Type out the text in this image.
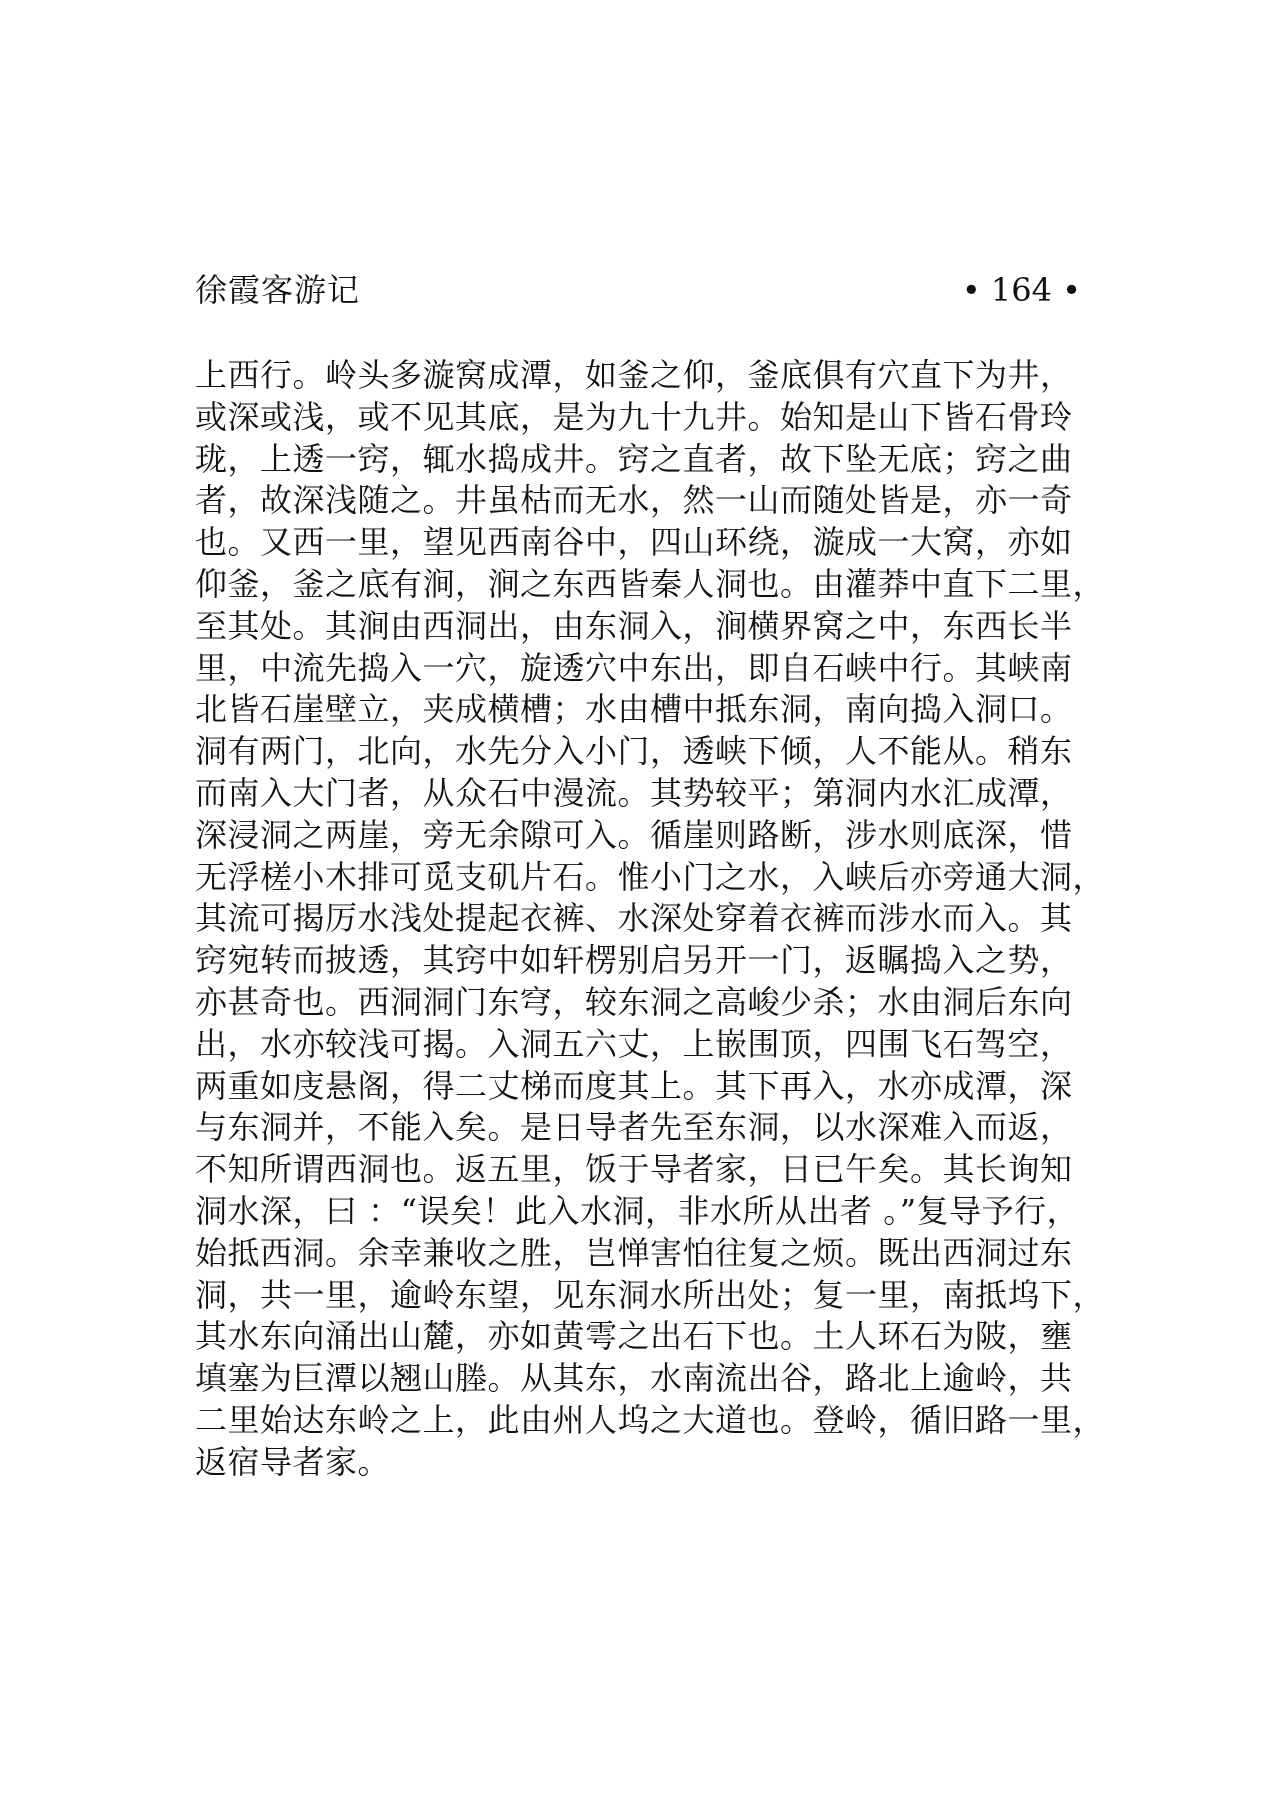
徐霞客游记	• 164 •
上西行。岭头多漩窝成潭，如釜之仰，釜底俱有穴直下为井，
或深或浅，或不见其底，是为九十九井。始知是山下皆石骨玲
珑，上透一窍，辄水捣成井。窍之直者，故下坠无底；窍之曲
者，故深浅随之。井虽枯而无水，然一山而随处皆是，亦一奇
也。又西一里，望见西南谷中，四山环绕，漩成一大窝，亦如
仰釜，釜之底有涧，涧之东西皆秦人洞也。由灌莽中直下二里，
至其处。其涧由西洞出，由东洞入，涧横界窝之中，东西长半
里，中流先捣入一穴，旋透穴中东出，即自石峡中行。其峡南
北皆石崖壁立，夹成横槽；水由槽中抵东洞，南向捣入洞口。
洞有两门，北向，水先分入小门，透峡下倾，人不能从。稍东
而南入大门者，从众石中漫流。其势较平；第洞内水汇成潭，
深浸洞之两崖，旁无余隙可入。循崖则路断，涉水则底深，惜
无浮槎小木排可觅支矶片石。惟小门之水，入峡后亦旁通大洞，
其流可揭厉水浅处提起衣裤、水深处穿着衣裤而涉水而入。其
窍宛转而披透，其窍中如轩楞别启另开一门，返瞩捣入之势，
亦甚奇也。西洞洞门东穹，较东洞之高峻少杀；水由洞后东向
出，水亦较浅可揭。入洞五六丈，上嵌围顶，四围飞石驾空，
两重如庋悬阁，得二丈梯而度其上。其下再入，水亦成潭，深
与东洞并，不能入矣。是日导者先至东洞，以水深难入而返，
不知所谓西洞也。返五里，饭于导者家，日已午矣。其长询知
洞水深，曰 ：“误矣！此入水洞，非水所从出者 。”复导予行，
始抵西洞。余幸兼收之胜，岂惮害怕往复之烦。既出西洞过东
洞，共一里，逾岭东望，见东洞水所出处；复一里，南抵坞下，
其水东向涌出山麓，亦如黄雩之出石下也。土人环石为陂，壅
填塞为巨潭以翘山塍。从其东，水南流出谷，路北上逾岭，共
二里始达东岭之上，此由州人坞之大道也。登岭，循旧路一里，
返宿导者家。
